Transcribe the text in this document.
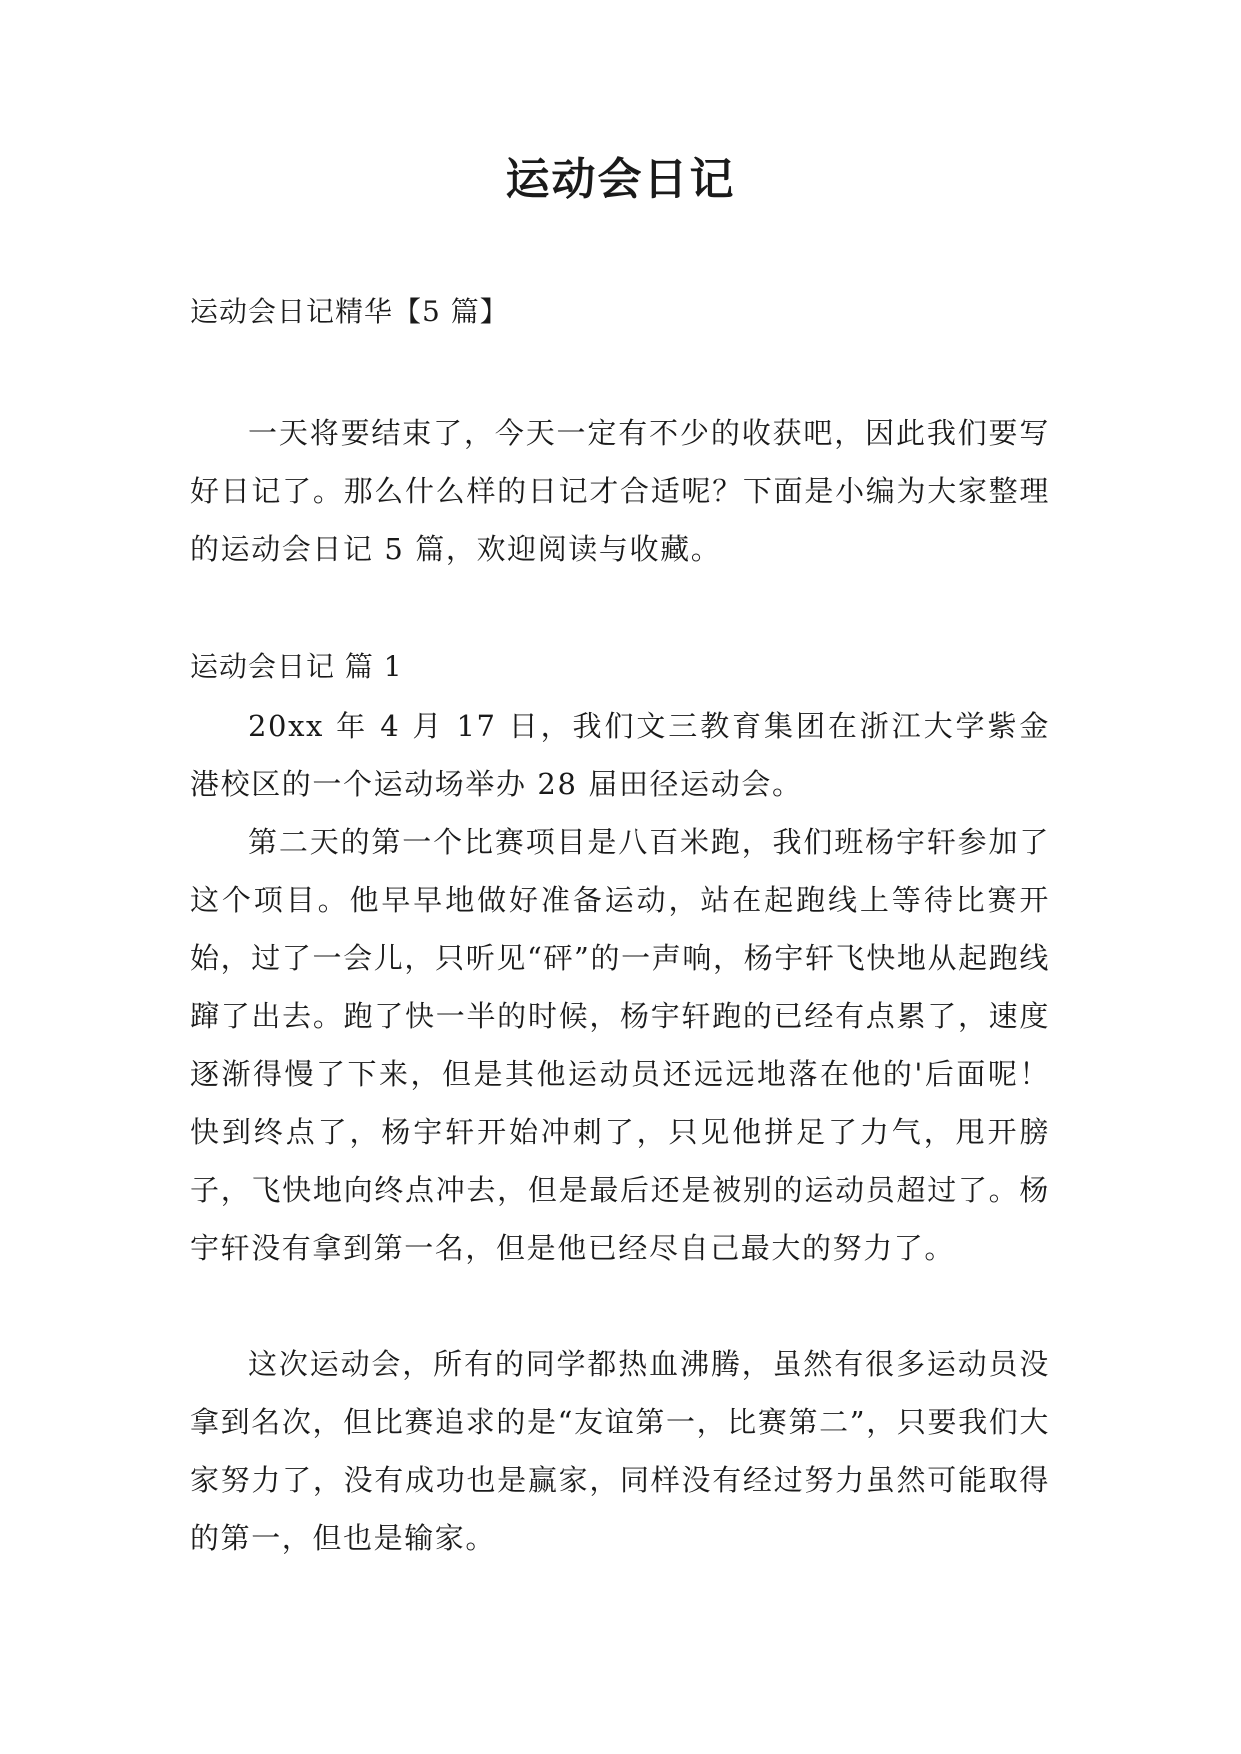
运动会日记
运动会日记精华【5 篇】

一天将要结束了，今天一定有不少的收获吧，因此我们要写好日记了。那么什么样的日记才合适呢？下面是小编为大家整理的运动会日记 5 篇，欢迎阅读与收藏。

运动会日记 篇 1

20xx 年 4 月 17 日，我们文三教育集团在浙江大学紫金港校区的一个运动场举办 28 届田径运动会。

第二天的第一个比赛项目是八百米跑，我们班杨宇轩参加了这个项目。他早早地做好准备运动，站在起跑线上等待比赛开始，过了一会儿，只听见“砰”的一声响，杨宇轩飞快地从起跑线蹿了出去。跑了快一半的时候，杨宇轩跑的已经有点累了，速度逐渐得慢了下来，但是其他运动员还远远地落在他的'后面呢！快到终点了，杨宇轩开始冲刺了，只见他拼足了力气，甩开膀子，飞快地向终点冲去，但是最后还是被别的运动员超过了。杨宇轩没有拿到第一名，但是他已经尽自己最大的努力了。

这次运动会，所有的同学都热血沸腾，虽然有很多运动员没拿到名次，但比赛追求的是“友谊第一，比赛第二”，只要我们大家努力了，没有成功也是赢家，同样没有经过努力虽然可能取得的第一，但也是输家。
